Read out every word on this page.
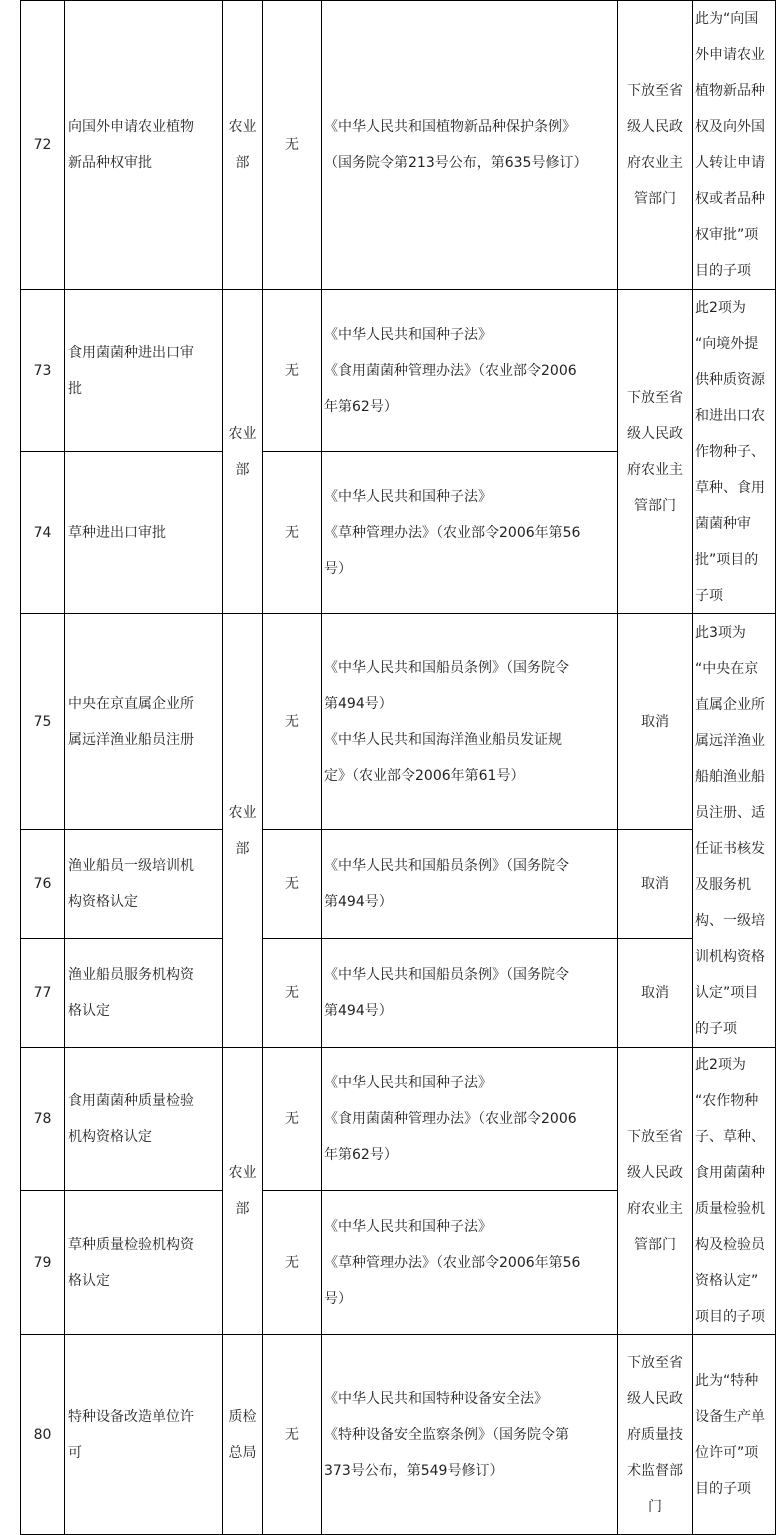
72
向国外申请农业植物
新品种权审批
无
《中华人民共和国植物新品种保护条例》
（国务院令第213号公布，第635号修订）
73
食用菌菌种进出口审
批
无
《中华人民共和国种子法》
《食用菌菌种管理办法》（农业部令2006
年第62号）
74 草种进出口审批	无
《中华人民共和国种子法》
《草种管理办法》（农业部令2006年第56
号）
75
中央在京直属企业所
属远洋渔业船员注册
无
《中华人民共和国船员条例》（国务院令
第494号）
《中华人民共和国海洋渔业船员发证规
定》（农业部令2006年第61号）
取消
76
渔业船员一级培训机
构资格认定
无
《中华人民共和国船员条例》（国务院令
第494号）
取消
77
渔业船员服务机构资
格认定
无
《中华人民共和国船员条例》（国务院令
第494号）
取消
78
食用菌菌种质量检验
机构资格认定
无
《中华人民共和国种子法》
《食用菌菌种管理办法》（农业部令2006
年第62号）
79
草种质量检验机构资
格认定
无
《中华人民共和国种子法》
《草种管理办法》（农业部令2006年第56
号）
80
特种设备改造单位许
可
无
《中华人民共和国特种设备安全法》
《特种设备安全监察条例》（国务院令第
373号公布，第549号修订）
农业
部
农业
部
农业
部
农业
部
质检
总局
下放至省
级人民政
府农业主
管部门
下放至省
级人民政
府农业主
管部门
下放至省
级人民政
府农业主
管部门
下放至省
级人民政
府质量技
术监督部
门
此为“向国
外申请农业
植物新品种
权及向外国
人转让申请
权或者品种
权审批”项
目的子项
此2项为
“向境外提
供种质资源
和进出口农
作物种子、
草种、食用
菌菌种审
批”项目的
子项
此3项为
“中央在京
直属企业所
属远洋渔业
船舶渔业船
员注册、适
任证书核发
及服务机
构、一级培
训机构资格
认定”项目
的子项
此2项为
“农作物种
子、草种、
食用菌菌种
质量检验机
构及检验员
资格认定”
项目的子项
此为“特种
设备生产单
位许可”项
目的子项
